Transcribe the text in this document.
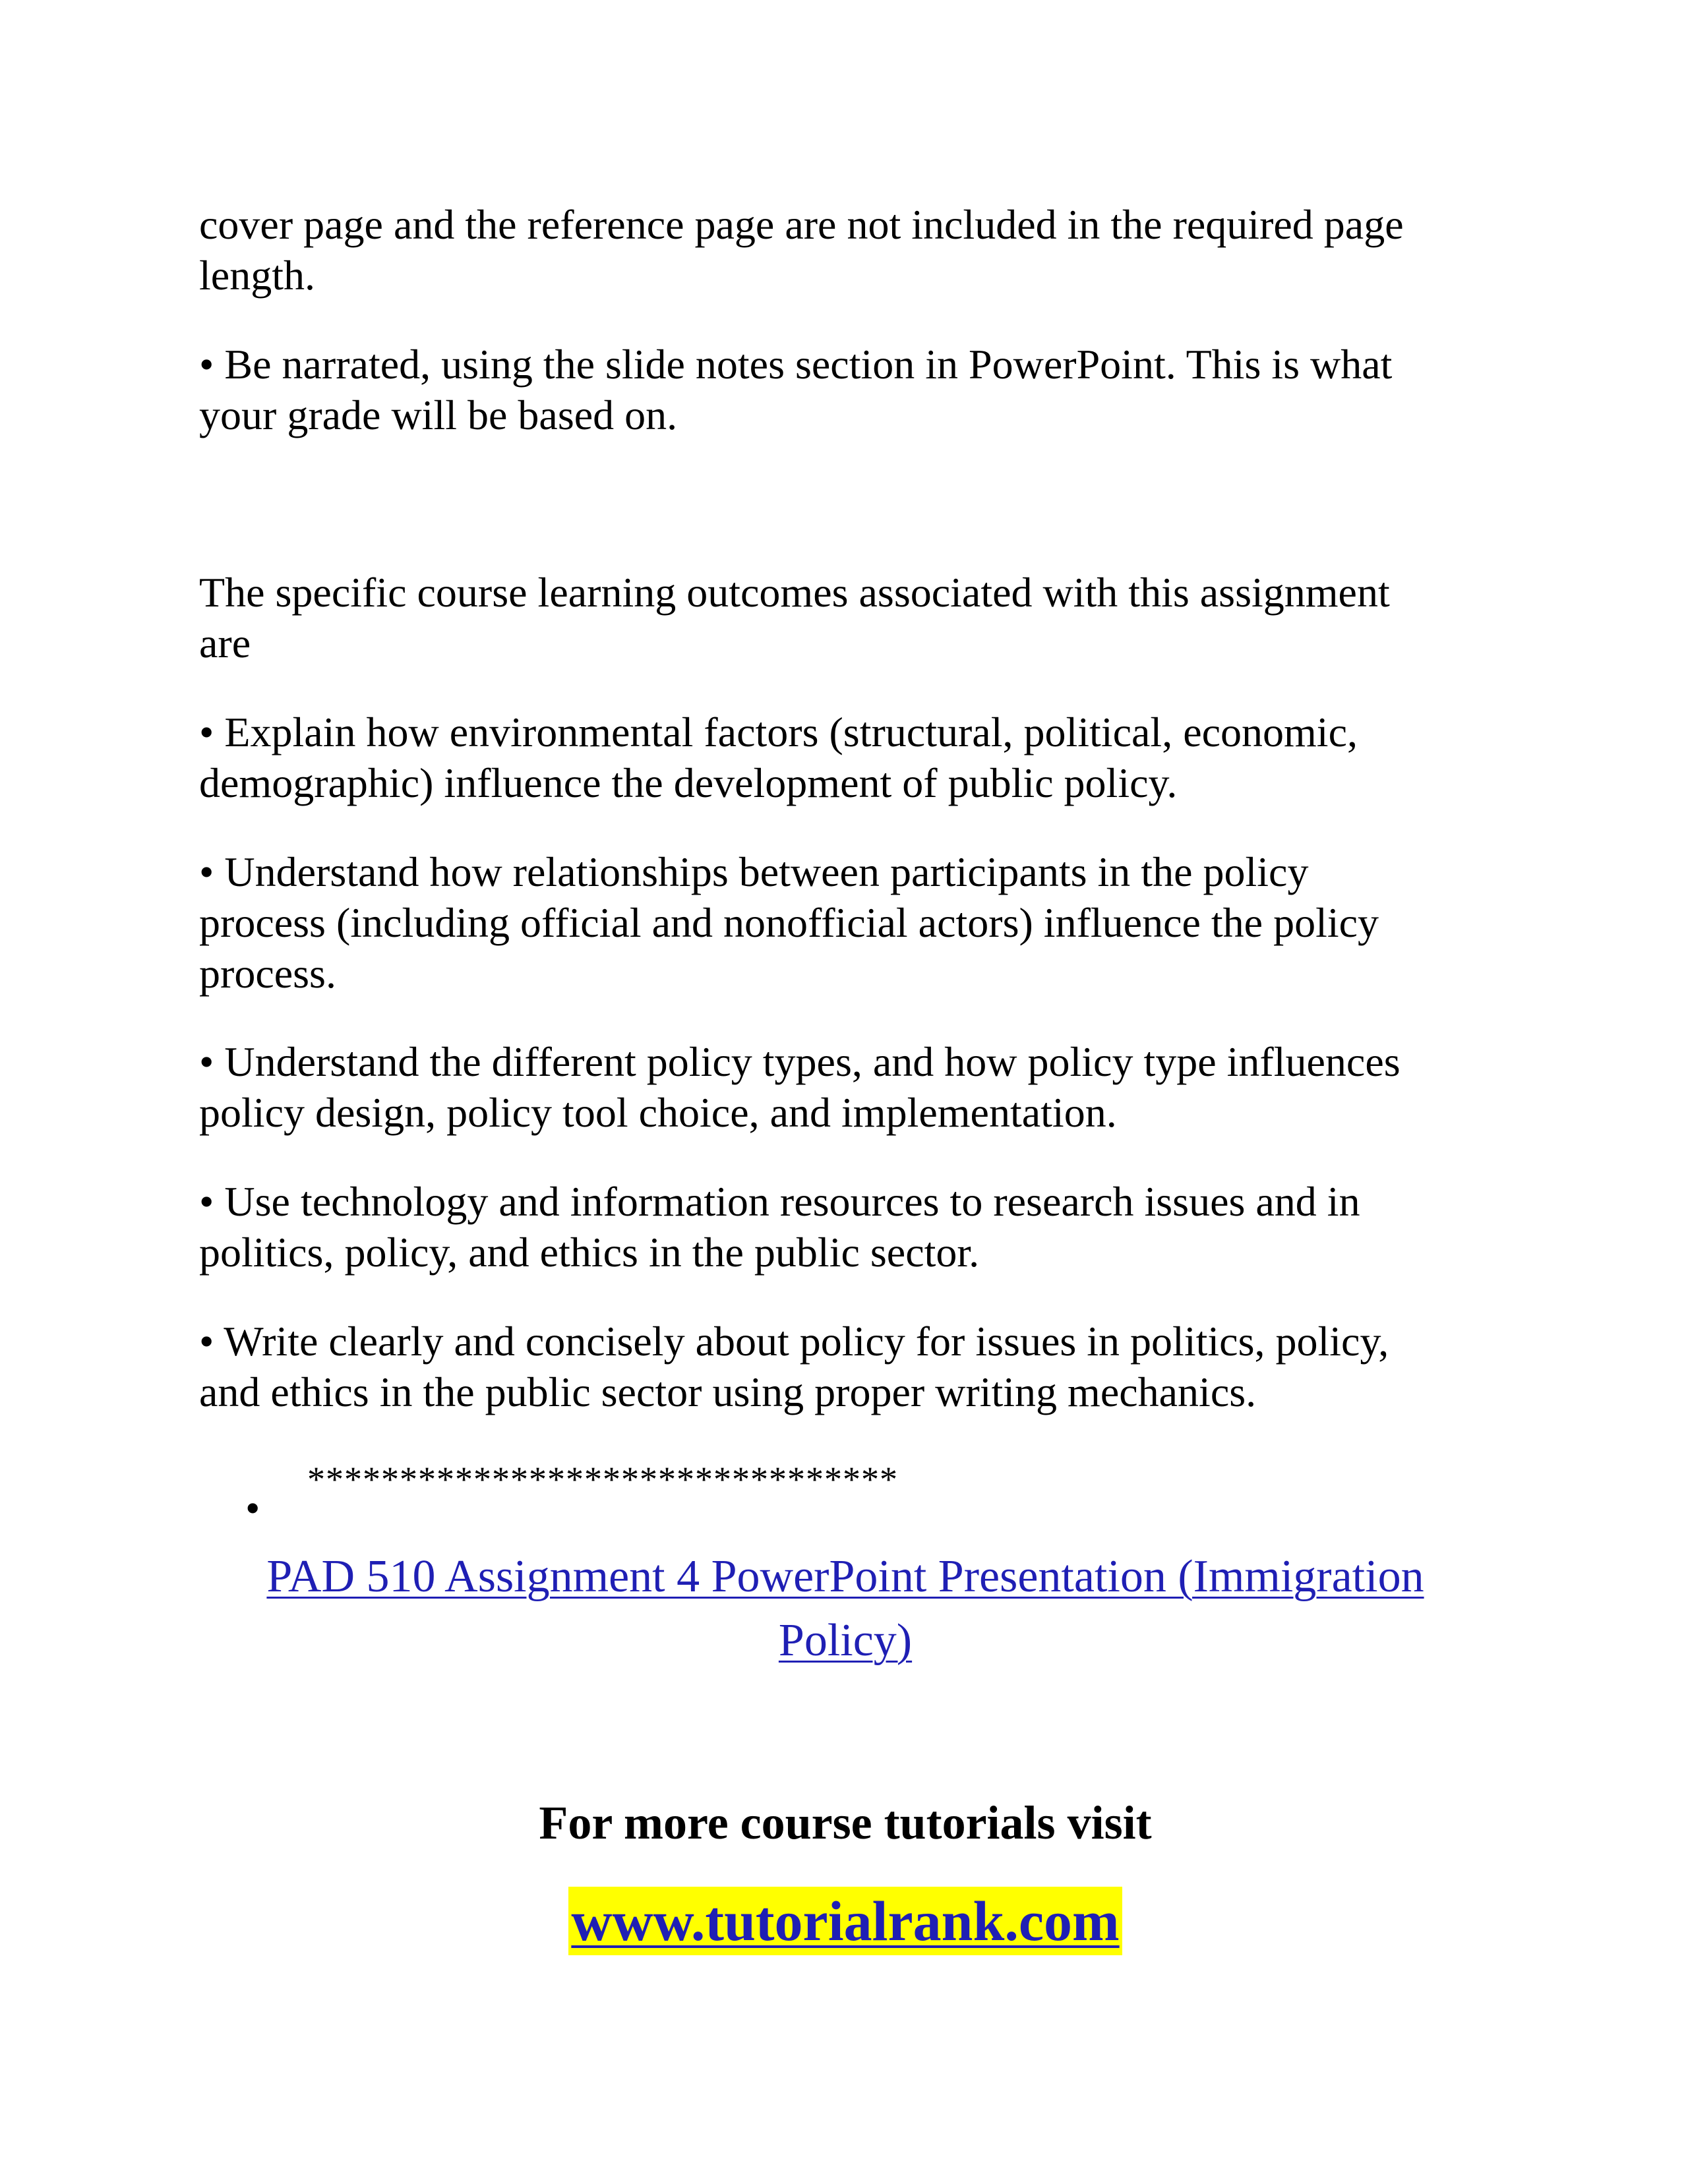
cover page and the reference page are not included in the required page
length.

• Be narrated, using the slide notes section in PowerPoint. This is what
your grade will be based on.

The specific course learning outcomes associated with this assignment
are

• Explain how environmental factors (structural, political, economic,
demographic) influence the development of public policy.

• Understand how relationships between participants in the policy
process (including official and nonofficial actors) influence the policy
process.

• Understand the different policy types, and how policy type influences
policy design, policy tool choice, and implementation.

• Use technology and information resources to research issues and in
politics, policy, and ethics in the public sector.

• Write clearly and concisely about policy for issues in politics, policy,
and ethics in the public sector using proper writing mechanics.

•
********************************
PAD 510 Assignment 4 PowerPoint Presentation (Immigration
Policy)
For more course tutorials visit
www.tutorialrank.com
